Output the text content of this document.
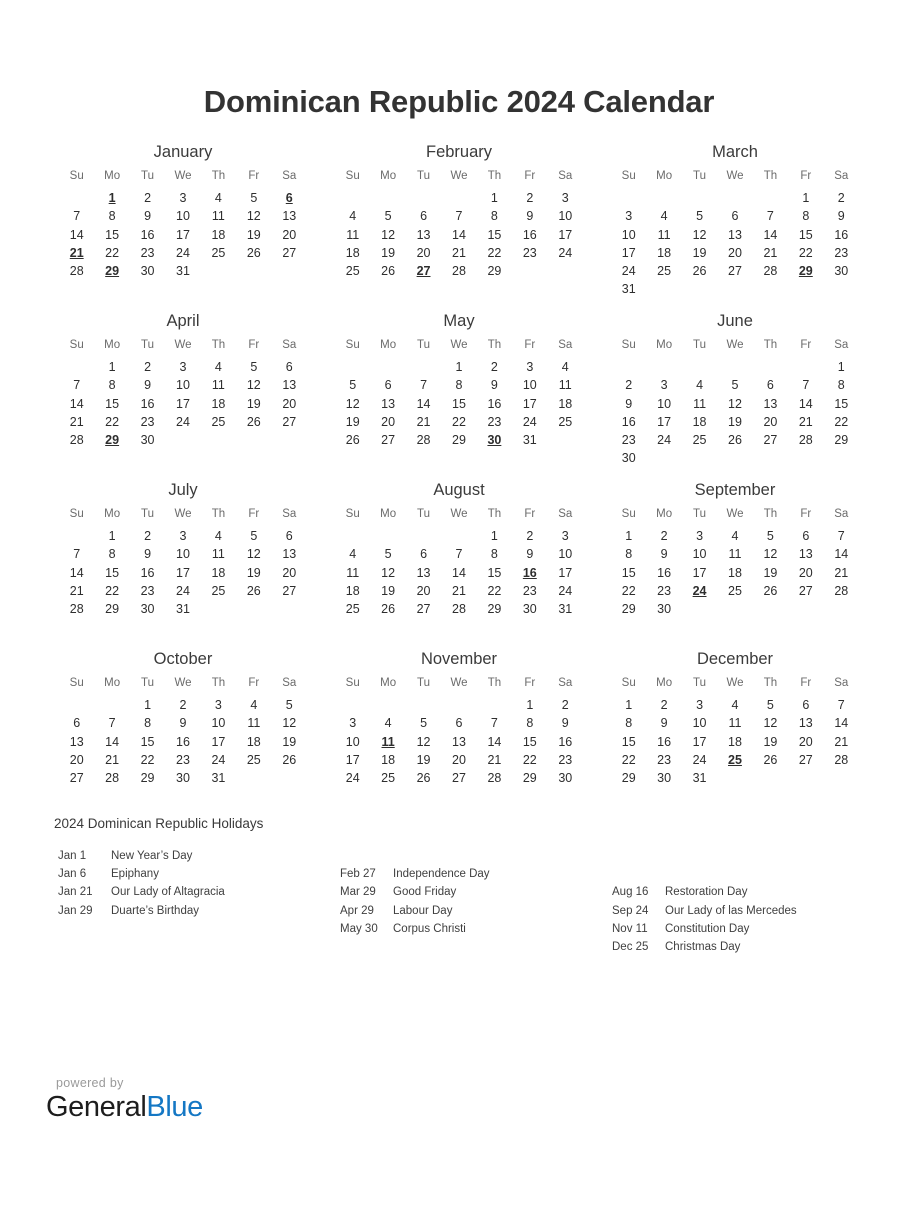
Dominican Republic 2024 Calendar
January
Su	Mo	Tu	We	Th	Fr	Sa
	1	2	3	4	5	6
7	8	9	10	11	12	13
14	15	16	17	18	19	20
21	22	23	24	25	26	27
28	29	30	31			
February
Su	Mo	Tu	We	Th	Fr	Sa
				1	2	3
4	5	6	7	8	9	10
11	12	13	14	15	16	17
18	19	20	21	22	23	24
25	26	27	28	29		
March
Su	Mo	Tu	We	Th	Fr	Sa
					1	2
3	4	5	6	7	8	9
10	11	12	13	14	15	16
17	18	19	20	21	22	23
24	25	26	27	28	29	30
31						
April
Su	Mo	Tu	We	Th	Fr	Sa
	1	2	3	4	5	6
7	8	9	10	11	12	13
14	15	16	17	18	19	20
21	22	23	24	25	26	27
28	29	30				
May
Su	Mo	Tu	We	Th	Fr	Sa
			1	2	3	4
5	6	7	8	9	10	11
12	13	14	15	16	17	18
19	20	21	22	23	24	25
26	27	28	29	30	31	
June
Su	Mo	Tu	We	Th	Fr	Sa
						1
2	3	4	5	6	7	8
9	10	11	12	13	14	15
16	17	18	19	20	21	22
23	24	25	26	27	28	29
30						
July
Su	Mo	Tu	We	Th	Fr	Sa
	1	2	3	4	5	6
7	8	9	10	11	12	13
14	15	16	17	18	19	20
21	22	23	24	25	26	27
28	29	30	31			
August
Su	Mo	Tu	We	Th	Fr	Sa
				1	2	3
4	5	6	7	8	9	10
11	12	13	14	15	16	17
18	19	20	21	22	23	24
25	26	27	28	29	30	31
September
Su	Mo	Tu	We	Th	Fr	Sa
1	2	3	4	5	6	7
8	9	10	11	12	13	14
15	16	17	18	19	20	21
22	23	24	25	26	27	28
29	30					
October
Su	Mo	Tu	We	Th	Fr	Sa
		1	2	3	4	5
6	7	8	9	10	11	12
13	14	15	16	17	18	19
20	21	22	23	24	25	26
27	28	29	30	31		
November
Su	Mo	Tu	We	Th	Fr	Sa
					1	2
3	4	5	6	7	8	9
10	11	12	13	14	15	16
17	18	19	20	21	22	23
24	25	26	27	28	29	30
December
Su	Mo	Tu	We	Th	Fr	Sa
1	2	3	4	5	6	7
8	9	10	11	12	13	14
15	16	17	18	19	20	21
22	23	24	25	26	27	28
29	30	31				
2024 Dominican Republic Holidays
Jan 1	New Year’s Day
Jan 6	Epiphany
Jan 21	Our Lady of Altagracia
Jan 29	Duarte’s Birthday
Feb 27	Independence Day
Mar 29	Good Friday
Apr 29	Labour Day
May 30	Corpus Christi
Aug 16	Restoration Day
Sep 24	Our Lady of las Mercedes
Nov 11	Constitution Day
Dec 25	Christmas Day
powered by
GeneralBlue
